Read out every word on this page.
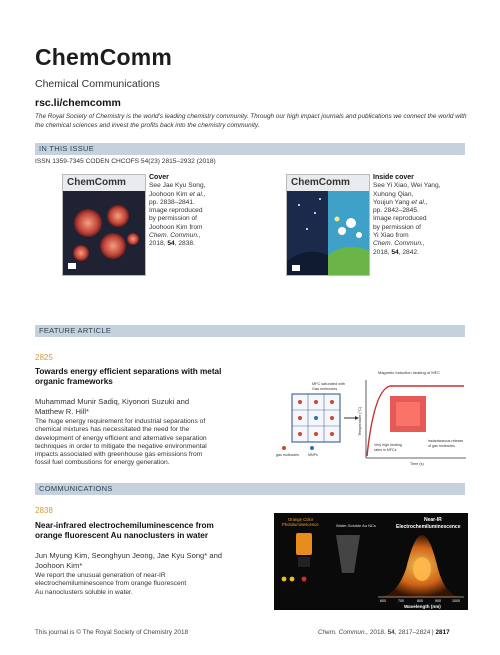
ChemComm
Chemical Communications
rsc.li/chemcomm
The Royal Society of Chemistry is the world's leading chemistry community. Through our high impact journals and publications we connect the world with the chemical sciences and invest the profits back into the chemistry community.
IN THIS ISSUE
ISSN 1359-7345 CODEN CHCOFS 54(23) 2815–2932 (2018)
ChemComm	Cover
See Jae Kyu Song,
Joohoon Kim et al.,
pp. 2838–2841.
Image reproduced
by permission of
Joohoon Kim from
Chem. Commun.,
2018, 54, 2838.
ChemComm	Inside cover
See Yi Xiao, Wei Yang,
Xuhong Qian,
Youjun Yang et al.,
pp. 2842–2845.
Image reproduced
by permission of
Yi Xiao from
Chem. Commun.,
2018, 54, 2842.
FEATURE ARTICLE
2825
Towards energy efficient separations with metal
organic frameworks
Muhammad Munir Sadiq, Kiyonori Suzuki and
Matthew R. Hill*
The huge energy requirement for industrial separations of
chemical mixtures has necessitated the need for the
development of energy efficient and alternative separation
techniques in order to mitigate the negative environmental
impacts associated with greenhouse gas emissions from
fossil fuel combustions for energy generation.
MFC saturated with
Gas molecules
gas molecules	MNPs
Magnetic Induction heating of MFC
Temperature (°C)
Very high heating
rates in MFCs
instantaneous release
of gas molecules
Time (s)
COMMUNICATIONS
2838
Near-infrared electrochemiluminescence from
orange fluorescent Au nanoclusters in water
Jun Myung Kim, Seonghyun Jeong, Jae Kyu Song* and
Joohoon Kim*
We report the unusual generation of near-IR
electrochemiluminescence from orange fluorescent
Au nanoclusters soluble in water.
Orange Color
Photoluminescence	Water-Soluble Au NCs
Near-IR
Electrochemiluminescence
600	700	800	900	1000
Wavelength (nm)
This journal is © The Royal Society of Chemistry 2018	Chem. Commun., 2018, 54, 2817–2824 | 2817
